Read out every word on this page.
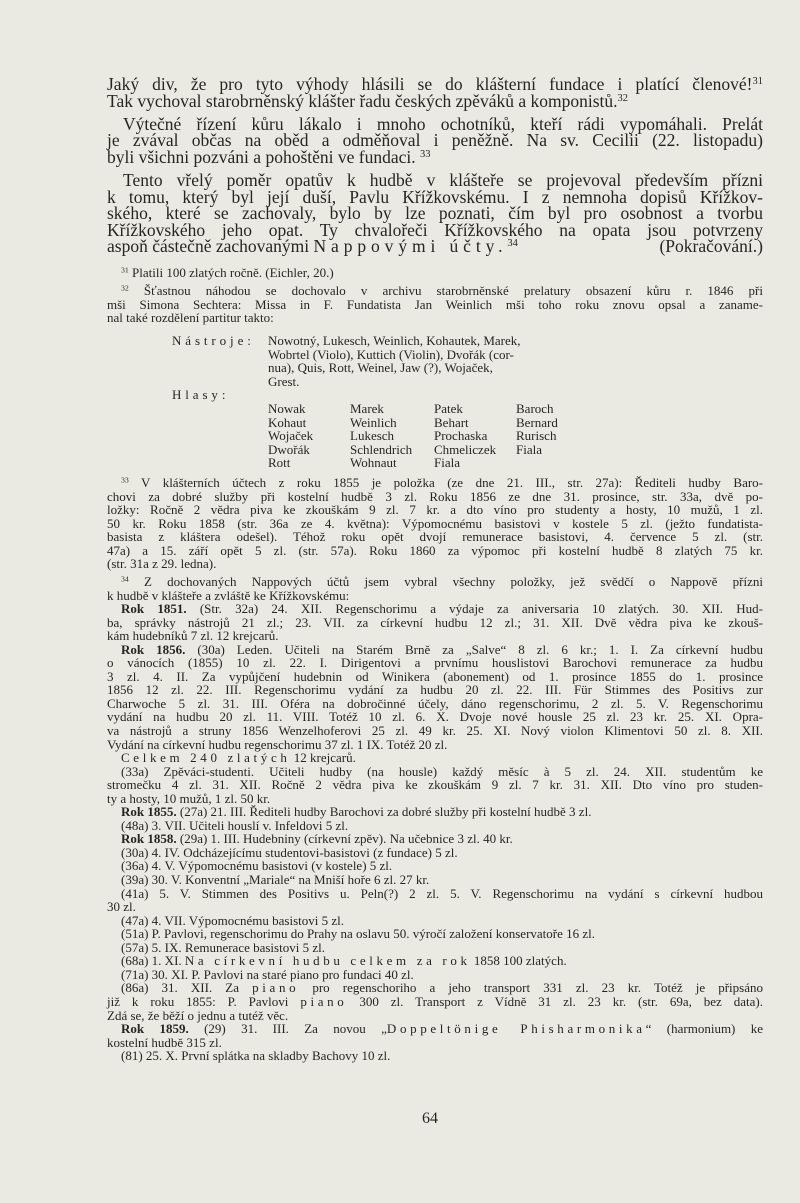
Jaký div, že pro tyto výhody hlásili se do klášterní fundace i platící členové!$^{31}$
Tak vychoval starobrněnský klášter řadu českých zpěváků a komponistů.$^{32}$
Výtečné řízení kůru lákalo i mnoho ochotníků, kteří rádi vypomáhali. Prelát
je zvával občas na oběd a odměňoval i peněžně. Na sv. Cecilii (22. listopadu)
byli všichni pozváni a pohoštěni ve fundaci. $^{33}$
Tento vřelý poměr opatův k hudbě v klášteře se projevoval především přízni
k tomu, který byl její duší, Pavlu Křížkovskému. I z nemnoha dopisů Křížkov-
ského, které se zachovaly, bylo by lze poznati, čím byl pro osobnost a tvorbu
Křížkovského jeho opat. Ty chvalořeči Křížkovského na opata jsou potvrzeny
aspoň částečně zachovanými Nappovými účty.$^{34}$	(Pokračování.)
$^{31}$ Platili 100 zlatých ročně. (Eichler, 20.)
$^{32}$ Šťastnou náhodou se dochovalo v archivu starobrněnské prelatury obsazení kůru r. 1846 při
mši Simona Sechtera: Missa in F. Fundatista Jan Weinlich mši toho roku znovu opsal a zaname-
nal také rozdělení partitur takto:
Nástroje: Nowotný, Lukesch, Weinlich, Kohautek, Marek,
Wobrtel (Violo), Kuttich (Violin), Dvořák (cor-
nua), Quis, Rott, Weinel, Jaw (?), Wojaček,
Grest.
Hlasy:
Nowak	Marek	Patek	Baroch
Kohaut	Weinlich	Behart	Bernard
Wojaček	Lukesch	Prochaska	Rurisch
Dwořák	Schlendrich	Chmeliczek	Fiala
Rott	Wohnaut	Fiala
$^{33}$ V klášterních účtech z roku 1855 je položka (ze dne 21. III., str. 27a): Řediteli hudby Baro-
chovi za dobré služby při kostelní hudbě 3 zl. Roku 1856 ze dne 31. prosince, str. 33a, dvě po-
ložky: Ročně 2 vědra piva ke zkouškám 9 zl. 7 kr. a dto víno pro studenty a hosty, 10 mužů, 1 zl.
50 kr. Roku 1858 (str. 36a ze 4. května): Výpomocnému basistovi v kostele 5 zl. (ježto fundatista-
basista z kláštera odešel). Téhož roku opět dvojí remunerace basistovi, 4. července 5 zl. (str.
47a) a 15. září opět 5 zl. (str. 57a). Roku 1860 za výpomoc při kostelní hudbě 8 zlatých 75 kr.
(str. 31a z 29. ledna).
$^{34}$ Z dochovaných Nappových účtů jsem vybral všechny položky, jež svědčí o Nappově přízni
k hudbě v klášteře a zvláště ke Křížkovskému:
Rok 1851. (Str. 32a) 24. XII. Regenschorimu a výdaje za aniversaria 10 zlatých. 30. XII. Hud-
ba, správky nástrojů 21 zl.; 23. VII. za církevní hudbu 12 zl.; 31. XII. Dvě vědra piva ke zkouš-
kám hudebníků 7 zl. 12 krejcarů.
Rok 1856. (30a) Leden. Učiteli na Starém Brně za „Salve“ 8 zl. 6 kr.; 1. I. Za církevní hudbu
o vánocích (1855) 10 zl. 22. I. Dirigentovi a prvnímu houslistovi Barochovi remunerace za hudbu
3 zl. 4. II. Za vypůjčení hudebnin od Winikera (abonement) od 1. prosince 1855 do 1. prosince
1856 12 zl. 22. III. Regenschorimu vydání za hudbu 20 zl. 22. III. Für Stimmes des Positivs zur
Charwoche 5 zl. 31. III. Oféra na dobročinné účely, dáno regenschorimu, 2 zl. 5. V. Regenschorimu
vydání na hudbu 20 zl. 11. VIII. Totéž 10 zl. 6. X. Dvoje nové housle 25 zl. 23 kr. 25. XI. Opra-
va nástrojů a struny 1856 Wenzelhoferovi 25 zl. 49 kr. 25. XI. Nový violon Klimentovi 50 zl. 8. XII.
Vydání na církevní hudbu regenschorimu 37 zl. 1 IX. Totéž 20 zl.
Celkem 240 zlatých 12 krejcarů.
(33a) Zpěváci-studenti. Učiteli hudby (na housle) každý měsíc à 5 zl. 24. XII. studentům ke
stromečku 4 zl. 31. XII. Ročně 2 vědra piva ke zkouškám 9 zl. 7 kr. 31. XII. Dto víno pro studen-
ty a hosty, 10 mužů, 1 zl. 50 kr.
Rok 1855. (27a) 21. III. Řediteli hudby Barochovi za dobré služby při kostelní hudbě 3 zl.
(48a) 3. VII. Učiteli houslí v. Infeldovi 5 zl.
Rok 1858. (29a) 1. III. Hudebniny (církevní zpěv). Na učebnice 3 zl. 40 kr.
(30a) 4. IV. Odcházejícímu studentovi-basistovi (z fundace) 5 zl.
(36a) 4. V. Výpomocnému basistovi (v kostele) 5 zl.
(39a) 30. V. Konventní „Mariale“ na Mniší hoře 6 zl. 27 kr.
(41a) 5. V. Stimmen des Positivs u. Peln(?) 2 zl. 5. V. Regenschorimu na vydání s církevní hudbou
30 zl.
(47a) 4. VII. Výpomocnému basistovi 5 zl.
(51a) P. Pavlovi, regenschorimu do Prahy na oslavu 50. výročí založení konservatoře 16 zl.
(57a) 5. IX. Remunerace basistovi 5 zl.
(68a) 1. XI. Na církevní hudbu celkem za rok 1858 100 zlatých.
(71a) 30. XI. P. Pavlovi na staré piano pro fundaci 40 zl.
(86a) 31. XII. Za piano pro regenschoriho a jeho transport 331 zl. 23 kr. Totéž je připsáno
již k roku 1855: P. Pavlovi piano 300 zl. Transport z Vídně 31 zl. 23 kr. (str. 69a, bez data).
Zdá se, že běží o jednu a tutéž věc.
Rok 1859. (29) 31. III. Za novou „Doppeltönige Phisharmonika“ (harmonium) ke
kostelní hudbě 315 zl.
(81) 25. X. První splátka na skladby Bachovy 10 zl.
64
